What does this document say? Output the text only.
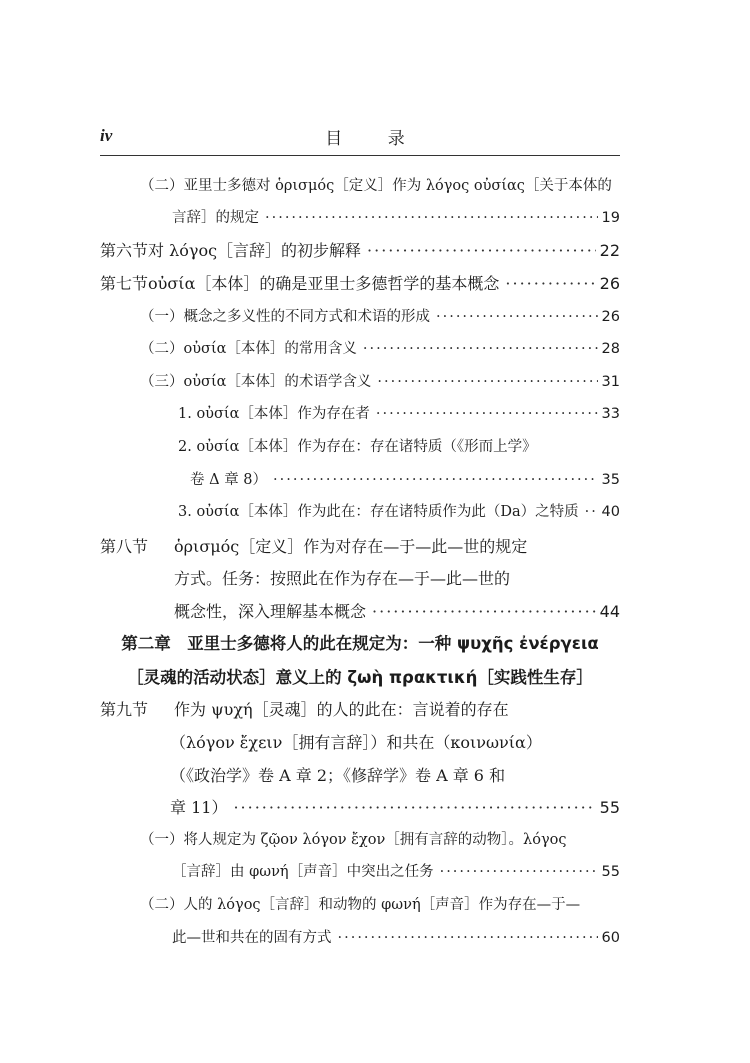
iv	目 录
（二）亚里士多德对 ὁρισμός［定义］作为 λόγος οὐσίας［关于本体的
言辞］的规定 ·····	19
第六节 对 λόγος［言辞］的初步解释 ·····	22
第七节 οὐσία［本体］的确是亚里士多德哲学的基本概念 ·····	26
（一）概念之多义性的不同方式和术语的形成 ·····	26
（二）οὐσία［本体］的常用含义 ·····	28
（三）οὐσία［本体］的术语学含义 ·····	31
1. οὐσία［本体］作为存在者 ·····	33
2. οὐσία［本体］作为存在：存在诸特质（《形而上学》
卷 Δ 章 8） ·····	35
3. οὐσία［本体］作为此在：存在诸特质作为此（Da）之特质 ····· 40
第八节	ὁρισμός［定义］作为对存在—于—此—世的规定
方式。任务：按照此在作为存在—于—此—世的
概念性，深入理解基本概念 ·····	44
第二章　亚里士多德将人的此在规定为：一种 ψυχῆς ἐνέργεια
［灵魂的活动状态］意义上的 ζωὴ πρακτική［实践性生存］
第九节	作为 ψυχή［灵魂］的人的此在：言说着的存在
（λόγον ἔχειν［拥有言辞］）和共在（κοινωνία）
（《政治学》卷 A 章 2；《修辞学》卷 A 章 6 和
章 11） ·····	55
（一）将人规定为 ζῷον λόγον ἔχον［拥有言辞的动物］。λόγος
［言辞］由 φωνή［声音］中突出之任务 ·····	55
（二）人的 λόγος［言辞］和动物的 φωνή［声音］作为存在—于—
此—世和共在的固有方式 ·····	60
